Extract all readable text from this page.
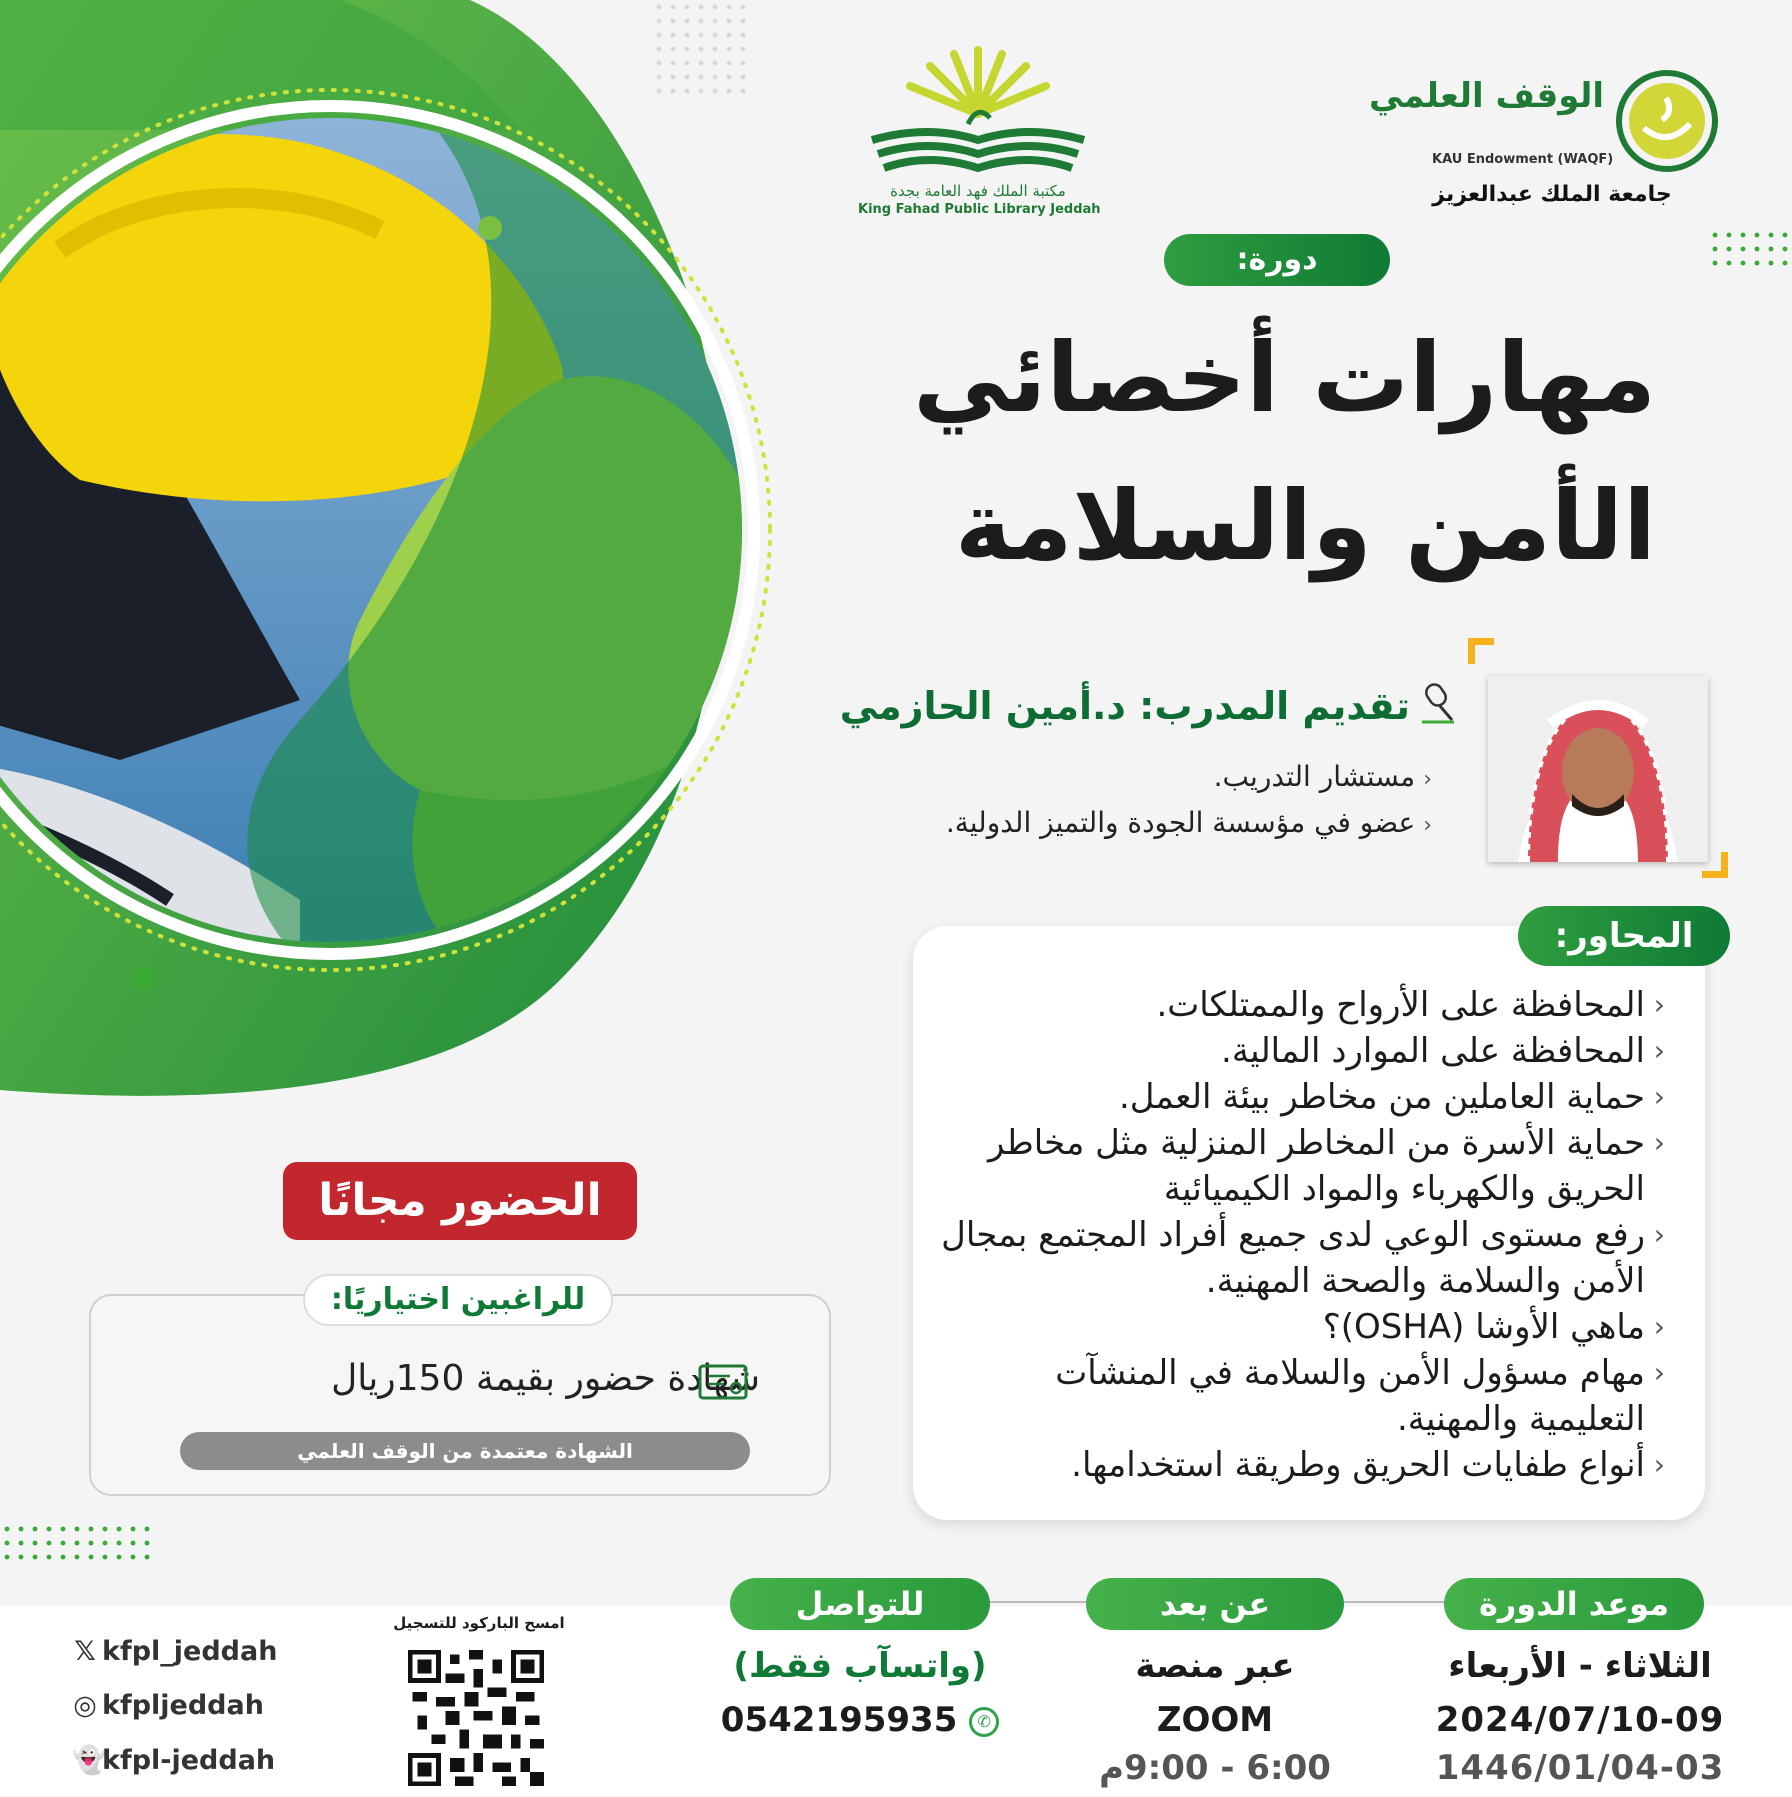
مكتبة الملك فهد العامة بجدة
King Fahad Public Library Jeddah
الوقف العلمي
KAU Endowment (WAQF)
جامعة الملك عبدالعزيز
دورة:
مهارات أخصائي
الأمن والسلامة
تقديم المدرب: د.أمين الحازمي
‹مستشار التدريب.
‹عضو في مؤسسة الجودة والتميز الدولية.
‹ المحافظة على الأرواح والممتلكات.
‹ المحافظة على الموارد المالية.
‹ حماية العاملين من مخاطر بيئة العمل.
‹ حماية الأسرة من المخاطر المنزلية مثل مخاطر الحريق والكهرباء والمواد الكيميائية
‹ رفع مستوى الوعي لدى جميع أفراد المجتمع بمجال الأمن والسلامة والصحة المهنية.
‹ ماهي الأوشا (OSHA)؟
‹ مهام مسؤول الأمن والسلامة في المنشآت التعليمية والمهنية.
‹ أنواع طفايات الحريق وطريقة استخدامها.
المحاور:
الحضور مجانًا
للراغبين اختياريًا:
شهادة حضور بقيمة 150ريال
الشهادة معتمدة من الوقف العلمي
موعد الدورة
الثلاثاء - الأربعاء
2024/07/10-09
1446/01/04-03
عن بعد
عبر منصة
ZOOM
6:00 - 9:00م
للتواصل
(واتسآب فقط)
0542195935 ✆
امسح الباركود للتسجيل
𝕏 kfpl_jeddah
◎ kfpljeddah
👻kfpl-jeddah
